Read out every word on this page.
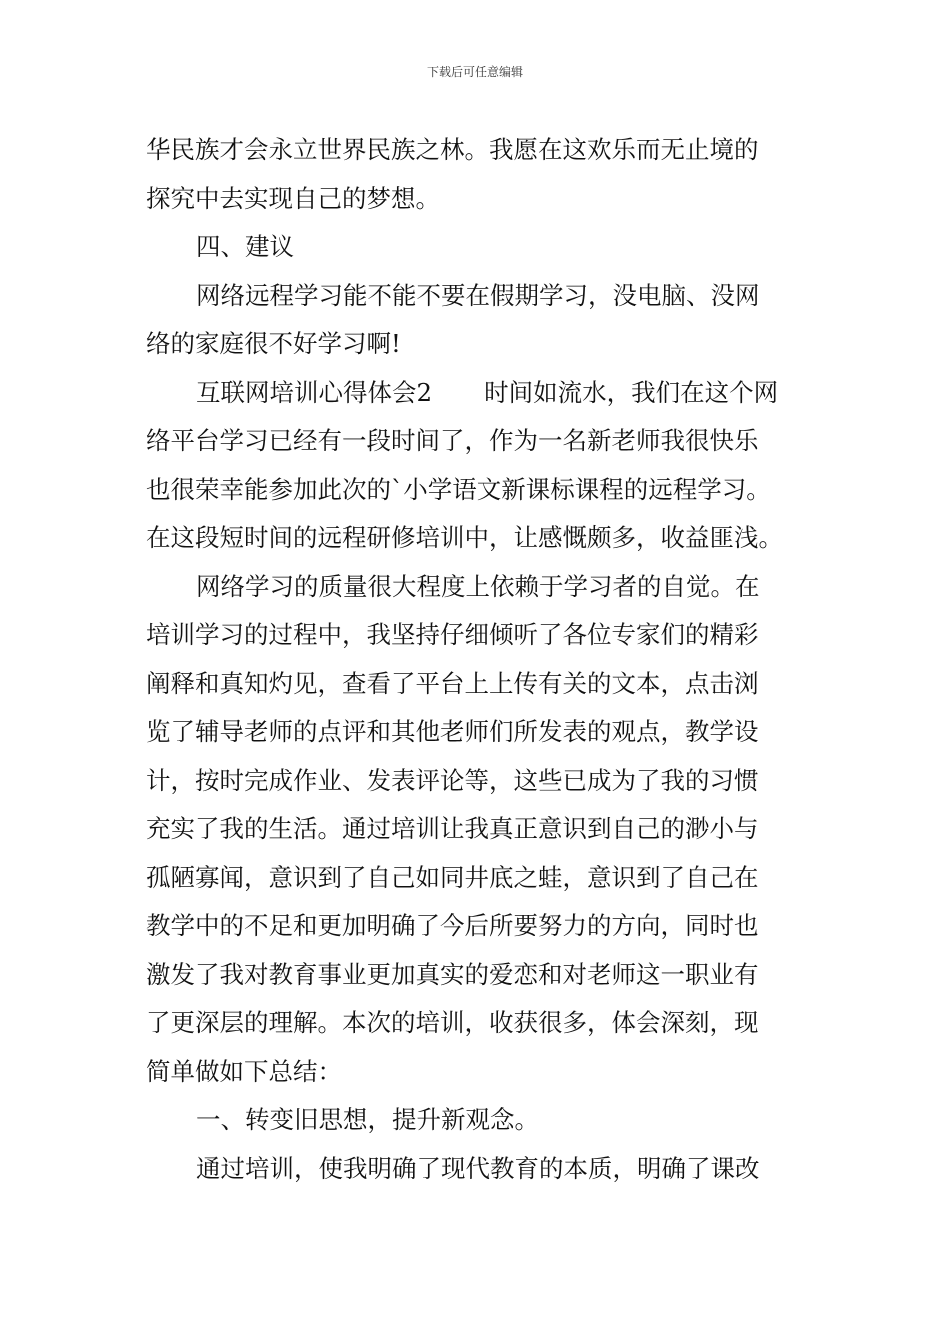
下载后可任意编辑
华民族才会永立世界民族之林。我愿在这欢乐而无止境的
探究中去实现自己的梦想。
四、建议
网络远程学习能不能不要在假期学习，没电脑、没网
络的家庭很不好学习啊!
互联网培训心得体会2 时间如流水，我们在这个网
络平台学习已经有一段时间了，作为一名新老师我很快乐
也很荣幸能参加此次的`小学语文新课标课程的远程学习。
在这段短时间的远程研修培训中，让感慨颇多，收益匪浅。
网络学习的质量很大程度上依赖于学习者的自觉。在
培训学习的过程中，我坚持仔细倾听了各位专家们的精彩
阐释和真知灼见，查看了平台上上传有关的文本，点击浏
览了辅导老师的点评和其他老师们所发表的观点，教学设
计，按时完成作业、发表评论等，这些已成为了我的习惯
充实了我的生活。通过培训让我真正意识到自己的渺小与
孤陋寡闻，意识到了自己如同井底之蛙，意识到了自己在
教学中的不足和更加明确了今后所要努力的方向，同时也
激发了我对教育事业更加真实的爱恋和对老师这一职业有
了更深层的理解。本次的培训，收获很多，体会深刻，现
简单做如下总结：
一、转变旧思想，提升新观念。
通过培训，使我明确了现代教育的本质，明确了课改
